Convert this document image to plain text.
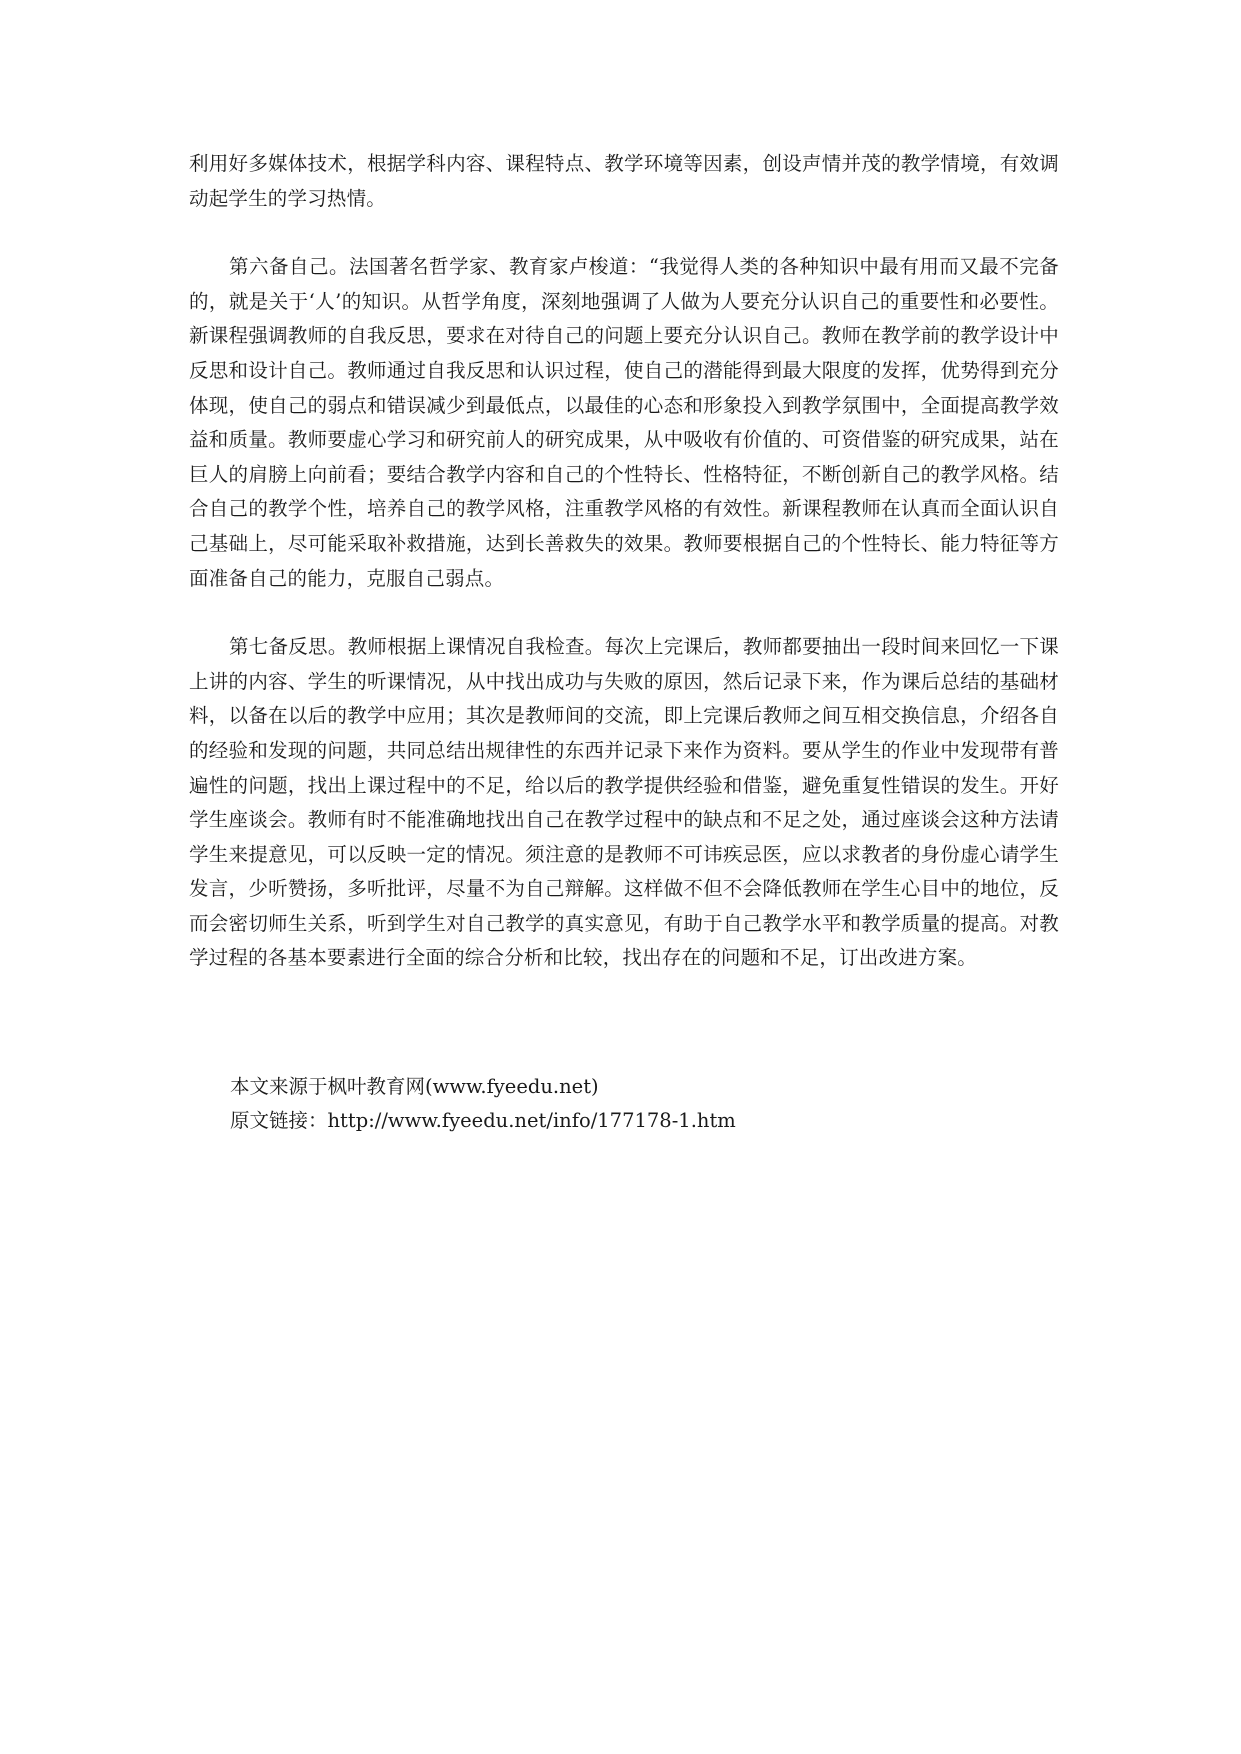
利用好多媒体技术，根据学科内容、课程特点、教学环境等因素，创设声情并茂的教学情境，有效调动起学生的学习热情。

第六备自己。法国著名哲学家、教育家卢梭道：“我觉得人类的各种知识中最有用而又最不完备的，就是关于‘人’的知识。从哲学角度，深刻地强调了人做为人要充分认识自己的重要性和必要性。新课程强调教师的自我反思，要求在对待自己的问题上要充分认识自己。教师在教学前的教学设计中反思和设计自己。教师通过自我反思和认识过程，使自己的潜能得到最大限度的发挥，优势得到充分体现，使自己的弱点和错误减少到最低点，以最佳的心态和形象投入到教学氛围中，全面提高教学效益和质量。教师要虚心学习和研究前人的研究成果，从中吸收有价值的、可资借鉴的研究成果，站在巨人的肩膀上向前看；要结合教学内容和自己的个性特长、性格特征，不断创新自己的教学风格。结合自己的教学个性，培养自己的教学风格，注重教学风格的有效性。新课程教师在认真而全面认识自己基础上，尽可能采取补救措施，达到长善救失的效果。教师要根据自己的个性特长、能力特征等方面准备自己的能力，克服自己弱点。

第七备反思。教师根据上课情况自我检查。每次上完课后，教师都要抽出一段时间来回忆一下课上讲的内容、学生的听课情况，从中找出成功与失败的原因，然后记录下来，作为课后总结的基础材料，以备在以后的教学中应用；其次是教师间的交流，即上完课后教师之间互相交换信息，介绍各自的经验和发现的问题，共同总结出规律性的东西并记录下来作为资料。要从学生的作业中发现带有普遍性的问题，找出上课过程中的不足，给以后的教学提供经验和借鉴，避免重复性错误的发生。开好学生座谈会。教师有时不能准确地找出自己在教学过程中的缺点和不足之处，通过座谈会这种方法请学生来提意见，可以反映一定的情况。须注意的是教师不可讳疾忌医，应以求教者的身份虚心请学生发言，少听赞扬，多听批评，尽量不为自己辩解。这样做不但不会降低教师在学生心目中的地位，反而会密切师生关系，听到学生对自己教学的真实意见，有助于自己教学水平和教学质量的提高。对教学过程的各基本要素进行全面的综合分析和比较，找出存在的问题和不足，订出改进方案。

本文来源于枫叶教育网(www.fyeedu.net)
原文链接：http://www.fyeedu.net/info/177178-1.htm
